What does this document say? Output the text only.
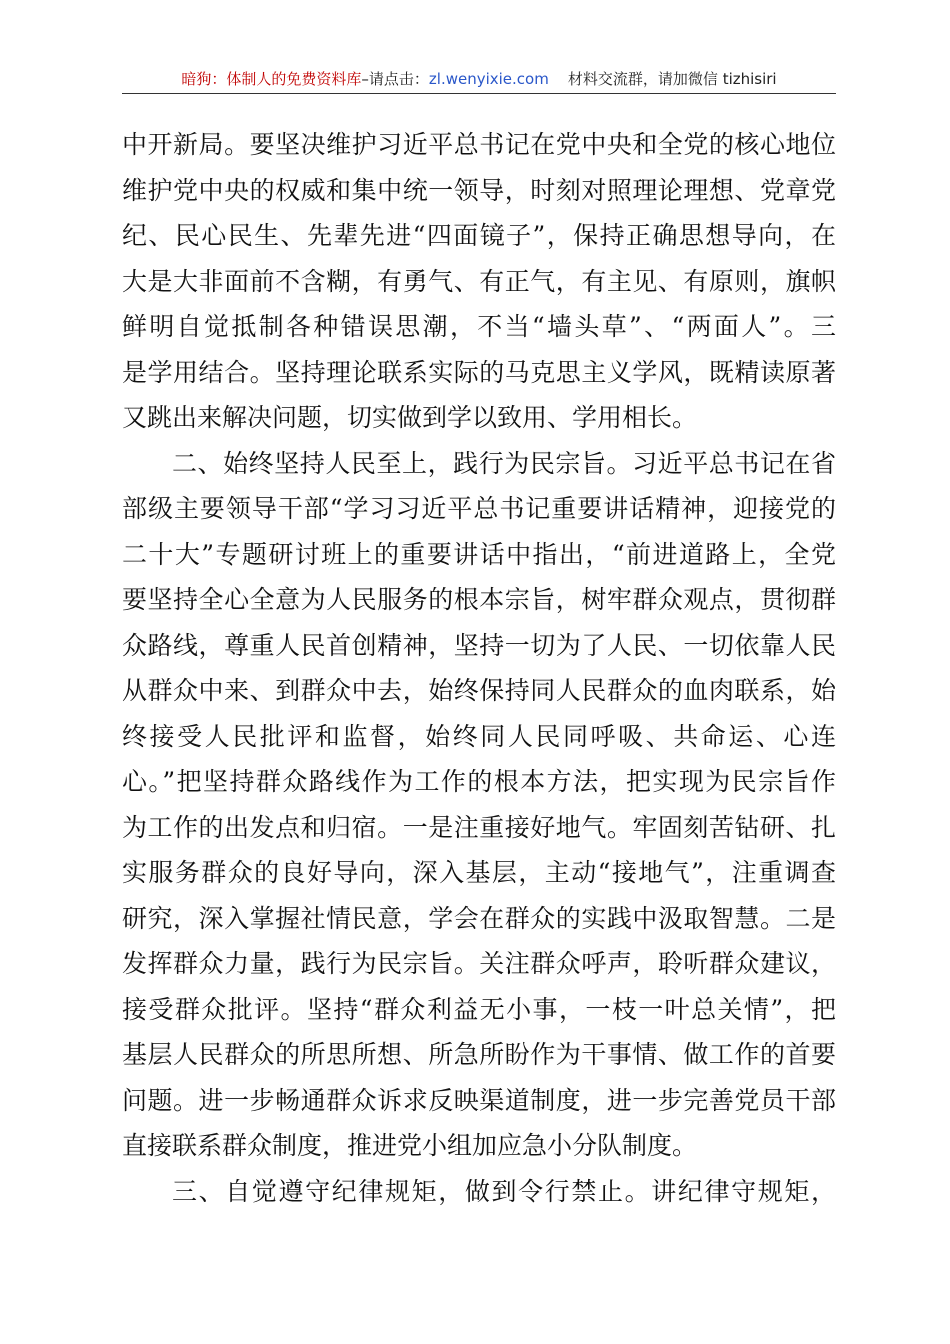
暗狗：体制人的免费资料库–请点击：zl.wenyixie.com 材料交流群，请加微信 tizhisiri
中开新局。要坚决维护习近平总书记在党中央和全党的核心地位
维护党中央的权威和集中统一领导，时刻对照理论理想、党章党
纪、民心民生、先辈先进“四面镜子”，保持正确思想导向，在
大是大非面前不含糊，有勇气、有正气，有主见、有原则，旗帜
鲜明自觉抵制各种错误思潮，不当“墙头草”、“两面人”。三
是学用结合。坚持理论联系实际的马克思主义学风，既精读原著
又跳出来解决问题，切实做到学以致用、学用相长。
二、始终坚持人民至上，践行为民宗旨。习近平总书记在省
部级主要领导干部“学习习近平总书记重要讲话精神，迎接党的
二十大”专题研讨班上的重要讲话中指出，“前进道路上，全党
要坚持全心全意为人民服务的根本宗旨，树牢群众观点，贯彻群
众路线，尊重人民首创精神，坚持一切为了人民、一切依靠人民
从群众中来、到群众中去，始终保持同人民群众的血肉联系，始
终接受人民批评和监督，始终同人民同呼吸、共命运、心连
心。”把坚持群众路线作为工作的根本方法，把实现为民宗旨作
为工作的出发点和归宿。一是注重接好地气。牢固刻苦钻研、扎
实服务群众的良好导向，深入基层，主动“接地气”，注重调查
研究，深入掌握社情民意，学会在群众的实践中汲取智慧。二是
发挥群众力量，践行为民宗旨。关注群众呼声，聆听群众建议，
接受群众批评。坚持“群众利益无小事，一枝一叶总关情”，把
基层人民群众的所思所想、所急所盼作为干事情、做工作的首要
问题。进一步畅通群众诉求反映渠道制度，进一步完善党员干部
直接联系群众制度，推进党小组加应急小分队制度。
三、自觉遵守纪律规矩，做到令行禁止。讲纪律守规矩，
